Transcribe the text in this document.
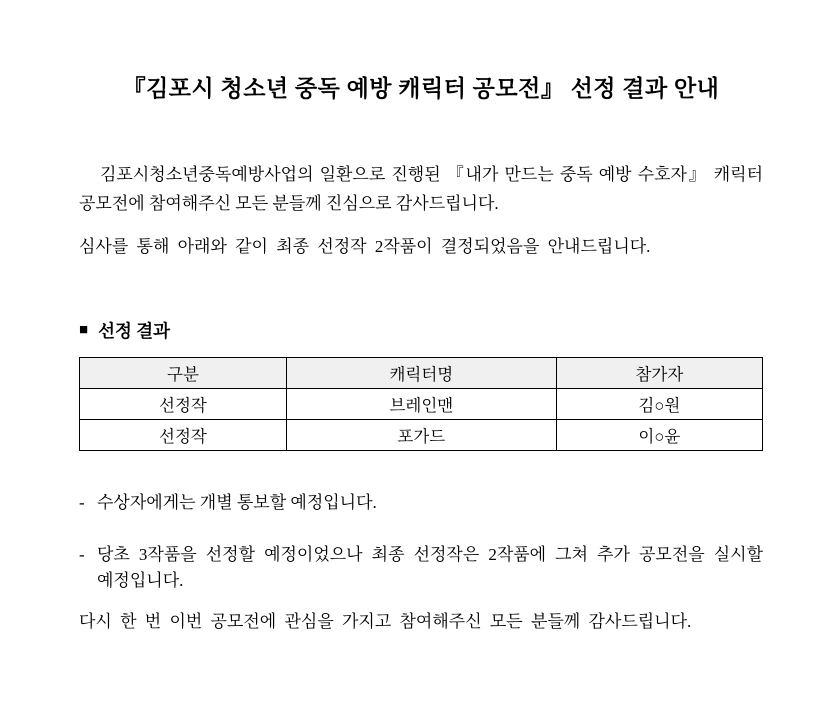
『김포시 청소년 중독 예방 캐릭터 공모전』 선정 결과 안내

김포시청소년중독예방사업의 일환으로 진행된 『내가 만드는 중독 예방 수호자』 캐릭터 공모전에 참여해주신 모든 분들께 진심으로 감사드립니다.

심사를 통해 아래와 같이 최종 선정작 2작품이 결정되었음을 안내드립니다.

■ 선정 결과
구분	캐릭터명	참가자
선정작	브레인맨	김○원
선정작	포가드	이○윤
- 수상자에게는 개별 통보할 예정입니다.
- 당초 3작품을 선정할 예정이었으나 최종 선정작은 2작품에 그쳐 추가 공모전을 실시할 예정입니다.

다시 한 번 이번 공모전에 관심을 가지고 참여해주신 모든 분들께 감사드립니다.
